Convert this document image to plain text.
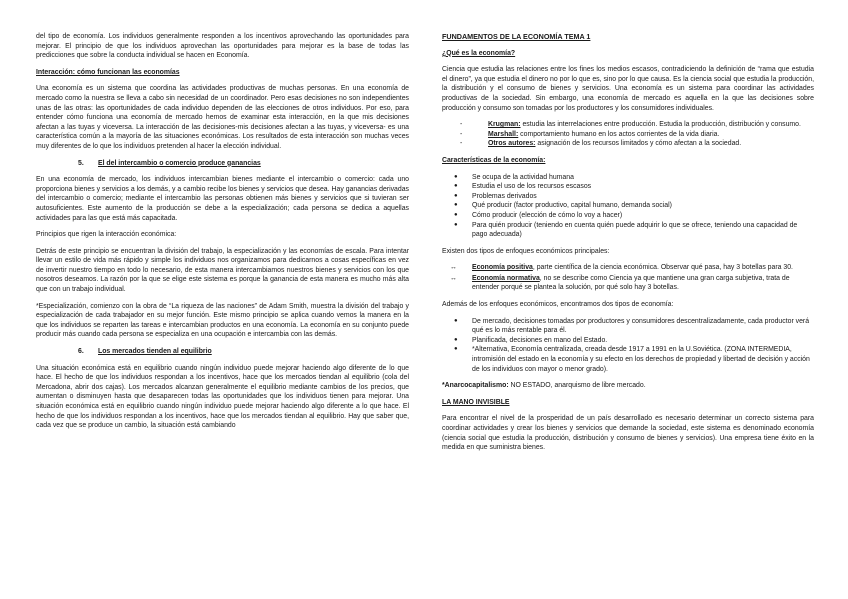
del tipo de economía. Los individuos generalmente responden a los incentivos aprovechando las oportunidades para mejorar. El principio de que los individuos aprovechan las oportunidades para mejorar es la base de todas las predicciones que sobre la conducta individual se hacen en Economía.

Interacción: cómo funcionan las economías

Una economía es un sistema que coordina las actividades productivas de muchas personas. En una economía de mercado como la nuestra se lleva a cabo sin necesidad de un coordinador. Pero esas decisiones no son independientes unas de las otras: las oportunidades de cada individuo dependen de las elecciones de otros individuos. Por eso, para entender cómo funciona una economía de mercado hemos de examinar esta interacción, en la que mis decisiones afectan a las tuyas y viceversa. La interacción de las decisiones-mis decisiones afectan a las tuyas, y viceversa- es una característica común a la mayoría de las situaciones económicas. Los resultados de esta interacción son muchas veces muy diferentes de lo que los individuos pretenden al hacer la elección individual.

5. El del intercambio o comercio produce ganancias

En una economía de mercado, los individuos intercambian bienes mediante el intercambio o comercio: cada uno proporciona bienes y servicios a los demás, y a cambio recibe los bienes y servicios que desea. Hay ganancias derivadas del intercambio o comercio; mediante el intercambio las personas obtienen más bienes y servicios que si tuvieran ser autosuficientes. Este aumento de la producción se debe a la especialización; cada persona se dedica a aquellas actividades para las que está más capacitada.

Principios que rigen la interacción económica:

Detrás de este principio se encuentran la división del trabajo, la especialización y las economías de escala. Para intentar llevar un estilo de vida más rápido y simple los individuos nos organizamos para dedicarnos a cosas específicas en vez de invertir nuestro tiempo en todo lo necesario, de esta manera intercambiamos nuestros bienes y servicios con los que nosotros deseamos. La razón por la que se elige este sistema es porque la ganancia de esta manera es mucho más alta que con un trabajo individual.

*Especialización, comienzo con la obra de “La riqueza de las naciones” de Adam Smith, muestra la división del trabajo y especialización de cada trabajador en su mejor función. Este mismo principio se aplica cuando vemos la manera en la que los individuos se reparten las tareas e intercambian productos en una economía. La economía en su conjunto puede producir más cuando cada persona se especializa en una ocupación e intercambia con las demás.

6. Los mercados tienden al equilibrio

Una situación económica está en equilibrio cuando ningún individuo puede mejorar haciendo algo diferente de lo que hace. El hecho de que los individuos respondan a los incentivos, hace que los mercados tiendan al equilibrio (cola del Mercadona, abrir dos cajas). Los mercados alcanzan generalmente el equilibrio mediante cambios de los precios, que aumentan o disminuyen hasta que desaparecen todas las oportunidades que los individuos tienen para mejorar. Una situación económica está en equilibrio cuando ningún individuo puede mejorar haciendo algo diferente a lo que hace. El hecho de que los individuos respondan a los incentivos, hace que los mercados tiendan al equilibrio. Hay que saber que, cada vez que se produce un cambio, la situación está cambiando

FUNDAMENTOS DE LA ECONOMÍA TEMA 1
¿Qué es la economía?

Ciencia que estudia las relaciones entre los fines los medios escasos, contradiciendo la definición de “rama que estudia el dinero”, ya que estudia el dinero no por lo que es, sino por lo que causa. Es la ciencia social que estudia la producción, la distribución y el consumo de bienes y servicios. Una economía es un sistema para coordinar las actividades productivas de la sociedad. Sin embargo, una economía de mercado es aquella en la que las decisiones sobre producción y consumo son tomadas por los productores y los consumidores individuales.

-	Krugman: estudia las interrelaciones entre producción. Estudia la producción, distribución y consumo.
-	Marshall: comportamiento humano en los actos corrientes de la vida diaria.
-	Otros autores: asignación de los recursos limitados y cómo afectan a la sociedad.
Características de la economía:
● Se ocupa de la actividad humana
● Estudia el uso de los recursos escasos
● Problemas derivados
● Qué producir (factor productivo, capital humano, demanda social)
● Cómo producir (elección de cómo lo voy a hacer)
● Para quién producir (teniendo en cuenta quién puede adquirir lo que se ofrece, teniendo una capacidad de pago adecuada)

Existen dos tipos de enfoques económicos principales:

↔ Economía positiva, parte científica de la ciencia económica. Observar qué pasa, hay 3 botellas para 30.
↔ Economía normativa, no se describe como Ciencia ya que mantiene una gran carga subjetiva, trata de entender porqué se plantea la solución, por qué solo hay 3 botellas.

Además de los enfoques económicos, encontramos dos tipos de economía:

● De mercado, decisiones tomadas por productores y consumidores descentralizadamente, cada productor verá qué es lo más rentable para él.
● Planificada, decisiones en mano del Estado.
● *Alternativa, Economía centralizada, creada desde 1917 a 1991 en la U.Soviética. (ZONA INTERMEDIA, intromisión del estado en la economía y su efecto en los derechos de propiedad y libertad de decisión y acción de los individuos con mayor o menor grado).

*Anarcocapitalismo: NO ESTADO, anarquismo de libre mercado.

LA MANO INVISIBLE

Para encontrar el nivel de la prosperidad de un país desarrollado es necesario determinar un correcto sistema para coordinar actividades y crear los bienes y servicios que demande la sociedad, este sistema es denominado economía (ciencia social que estudia la producción, distribución y consumo de bienes y servicios). Una empresa tiene éxito en la medida en que suministra bienes.
